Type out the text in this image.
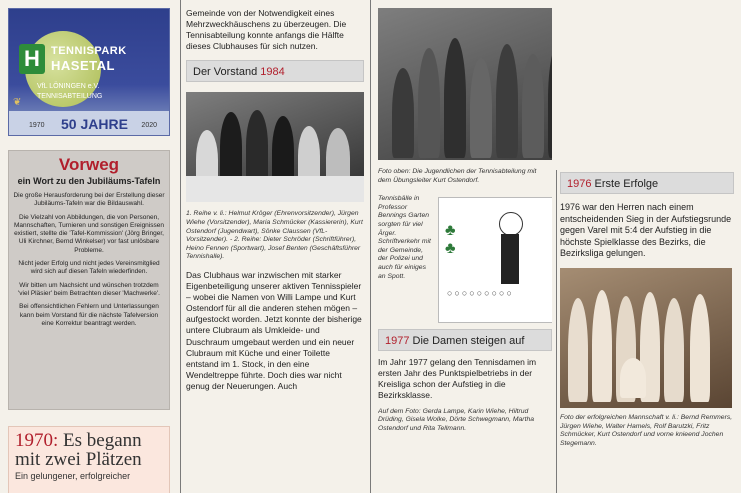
H	TENNISPARK
HASETAL
VfL LÖNINGEN e.V.
TENNISABTEILUNG
❦
1970 50 JAHRE 2020
Vorweg
ein Wort zu den Jubiläums-Tafeln

Die große Herausforderung bei der Erstellung dieser Jubiläums-Tafeln war die Bildauswahl.

Die Vielzahl von Abbildungen, die von Personen, Mannschaften, Turnieren und sonstigen Ereignissen existiert, stellte die 'Tafel-Kommission' (Jörg Bringer, Uli Kirchner, Bernd Winkelser) vor fast unlösbare Probleme.

Nicht jeder Erfolg und nicht jedes Vereinsmitglied wird sich auf diesen Tafeln wiederfinden.

Wir bitten um Nachsicht und wünschen trotzdem 'viel Pläsier' beim Betrachten dieser 'Machwerke'.

Bei offensichtlichen Fehlern und Unterlassungen kann beim Vorstand für die nächste Tafelversion eine Korrektur beantragt werden.

1970: Es begann mit zwei Plätzen
Ein gelungener, erfolgreicher

Gemeinde von der Notwendigkeit eines Mehrzweckhäuschens zu überzeugen. Die Tennisabteilung konnte anfangs die Hälfte dieses Clubhauses für sich nutzen.

Der Vorstand 1984

1. Reihe v. li.: Helmut Kröger (Ehrenvorsitzender), Jürgen Wiehe (Vorsitzender), Maria Schmücker (Kassiererin), Kurt Ostendorf (Jugendwart), Sönke Claussen (VfL-Vorsitzender). - 2. Reihe: Dieter Schröder (Schriftführer), Heino Fennen (Sportwart), Josef Benten (Geschäftsführer Tennishalle).

Das Clubhaus war inzwischen mit starker Eigenbeteiligung unserer aktiven Tennisspieler – wobei die Namen von Willi Lampe und Kurt Ostendorf für all die anderen stehen mögen – aufgestockt worden. Jetzt konnte der bisherige untere Clubraum als Umkleide- und Duschraum umgebaut werden und ein neuer Clubraum mit Küche und einer Toilette entstand im 1. Stock, in den eine Wendeltreppe führte. Doch dies war nicht genug der Neuerungen. Auch

Foto oben: Die Jugendlichen der Tennisabteilung mit dem Übungsleiter Kurt Ostendorf.

Tennisbälle in Professor Bennings Garten sorgten für viel Ärger. Schriftverkehr mit der Gemeinde, der Polizei und auch für einiges an Spott.

○○○○○○○○○
♣
♣
1977 Die Damen steigen auf

Im Jahr 1977 gelang den Tennisdamen im ersten Jahr des Punktspielbetriebs in der Kreisliga schon der Aufstieg in die Bezirksklasse.

Auf dem Foto: Gerda Lampe, Karin Wiehe, Hiltrud Drüding, Gisela Wolke, Dörte Schwegmann, Martha Ostendorf und Rita Tellmann.

1976 Erste Erfolge

1976 war den Herren nach einem entscheidenden Sieg in der Aufstiegsrunde gegen Varel mit 5:4 der Aufstieg in die höchste Spielklasse des Bezirks, die Bezirksliga gelungen.

Foto der erfolgreichen Mannschaft v. li.: Bernd Remmers, Jürgen Wiehe, Walter Hamels, Rolf Barutzki, Fritz Schmücker, Kurt Ostendorf und vorne knieend Jochen Stegemann.
